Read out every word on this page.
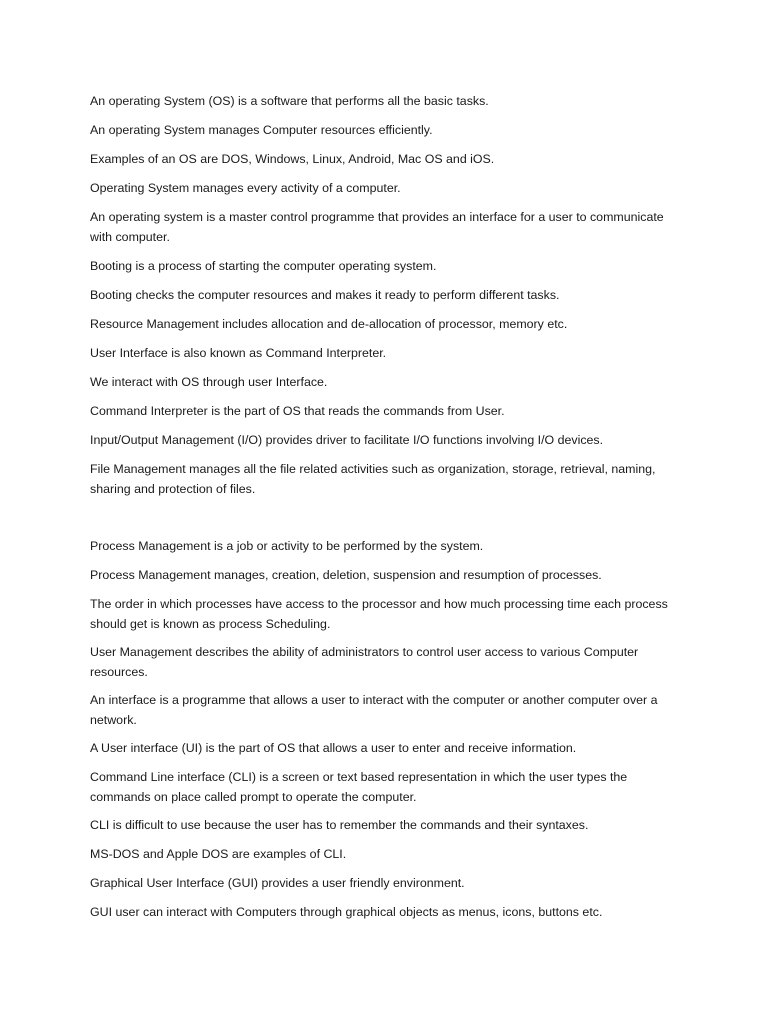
An operating System (OS) is a software that performs all the basic tasks.

An operating System manages Computer resources efficiently.

Examples of an OS are DOS, Windows, Linux, Android, Mac OS and iOS.

Operating System manages every activity of a computer.

An operating system is a master control programme that provides an interface for a user to communicate with computer.

Booting is a process of starting the computer operating system.

Booting checks the computer resources and makes it ready to perform different tasks.

Resource Management includes allocation and de-allocation of processor, memory etc.

User Interface is also known as Command Interpreter.

We interact with OS through user Interface.

Command Interpreter is the part of OS that reads the commands from User.

Input/Output Management (I/O) provides driver to facilitate I/O functions involving I/O devices.

File Management manages all the file related activities such as organization, storage, retrieval, naming, sharing and protection of files.

Process Management is a job or activity to be performed by the system.

Process Management manages, creation, deletion, suspension and resumption of processes.

The order in which processes have access to the processor and how much processing time each process should get is known as process Scheduling.

User Management describes the ability of administrators to control user access to various Computer resources.

An interface is a programme that allows a user to interact with the computer or another computer over a network.

A User interface (UI) is the part of OS that allows a user to enter and receive information.

Command Line interface (CLI) is a screen or text based representation in which the user types the commands on place called prompt to operate the computer.

CLI is difficult to use because the user has to remember the commands and their syntaxes.

MS-DOS and Apple DOS are examples of CLI.

Graphical User Interface (GUI) provides a user friendly environment.

GUI user can interact with Computers through graphical objects as menus, icons, buttons etc.
